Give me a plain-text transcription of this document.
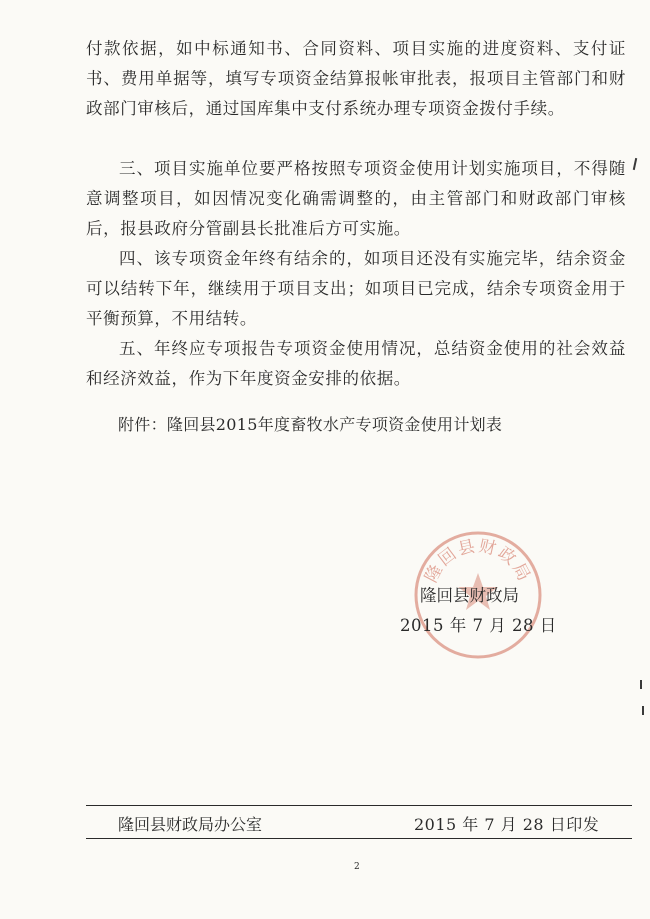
付款依据，如中标通知书、合同资料、项目实施的进度资料、支付证书、费用单据等，填写专项资金结算报帐审批表，报项目主管部门和财政部门审核后，通过国库集中支付系统办理专项资金拨付手续。

三、项目实施单位要严格按照专项资金使用计划实施项目，不得随意调整项目，如因情况变化确需调整的，由主管部门和财政部门审核后，报县政府分管副县长批准后方可实施。

四、该专项资金年终有结余的，如项目还没有实施完毕，结余资金可以结转下年，继续用于项目支出；如项目已完成，结余专项资金用于平衡预算，不用结转。

五、年终应专项报告专项资金使用情况，总结资金使用的社会效益和经济效益，作为下年度资金安排的依据。

附件：隆回县2015年度畜牧水产专项资金使用计划表
隆回县财政局
隆回县财政局
2015 年 7 月 28 日
隆回县财政局办公室	2015 年 7 月 28 日印发
2
